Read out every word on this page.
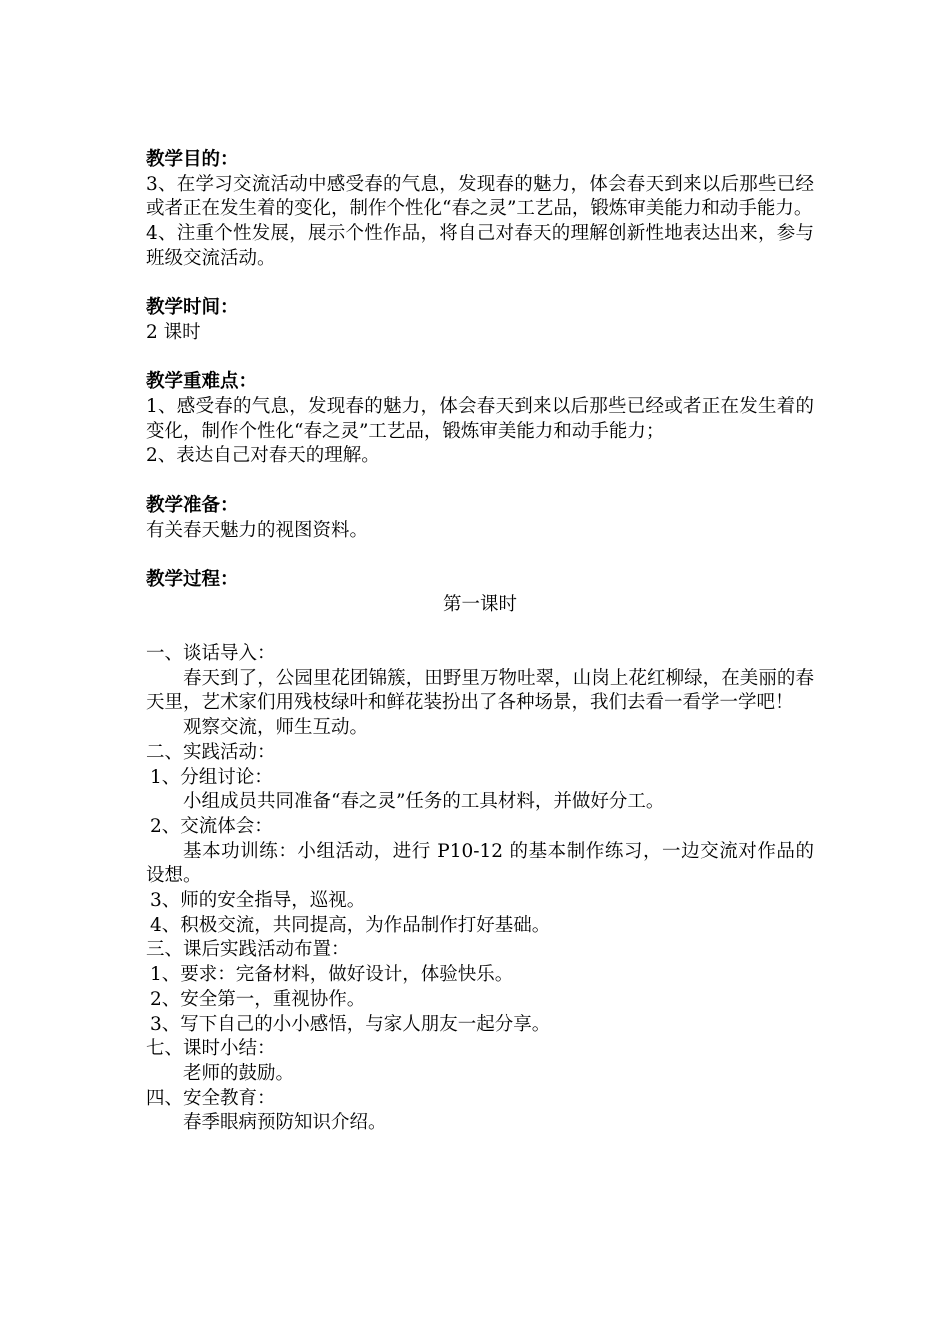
教学目的：
3、在学习交流活动中感受春的气息，发现春的魅力，体会春天到来以后那些已经或者正在发生着的变化，制作个性化“春之灵”工艺品，锻炼审美能力和动手能力。
4、注重个性发展，展示个性作品，将自己对春天的理解创新性地表达出来，参与班级交流活动。
教学时间：
2 课时
教学重难点：
1、感受春的气息，发现春的魅力，体会春天到来以后那些已经或者正在发生着的变化，制作个性化“春之灵”工艺品，锻炼审美能力和动手能力；
2、表达自己对春天的理解。
教学准备：
有关春天魅力的视图资料。
教学过程：
第一课时
一、谈话导入：
春天到了，公园里花团锦簇，田野里万物吐翠，山岗上花红柳绿，在美丽的春天里，艺术家们用残枝绿叶和鲜花装扮出了各种场景，我们去看一看学一学吧！
观察交流，师生互动。
二、实践活动：
1、分组讨论：
小组成员共同准备“春之灵”任务的工具材料，并做好分工。
2、交流体会：
基本功训练：小组活动，进行 P10-12 的基本制作练习，一边交流对作品的设想。
3、师的安全指导，巡视。
4、积极交流，共同提高，为作品制作打好基础。
三、课后实践活动布置：
1、要求：完备材料，做好设计，体验快乐。
2、安全第一，重视协作。
3、写下自己的小小感悟，与家人朋友一起分享。
七、课时小结：
老师的鼓励。
四、安全教育：
春季眼病预防知识介绍。
